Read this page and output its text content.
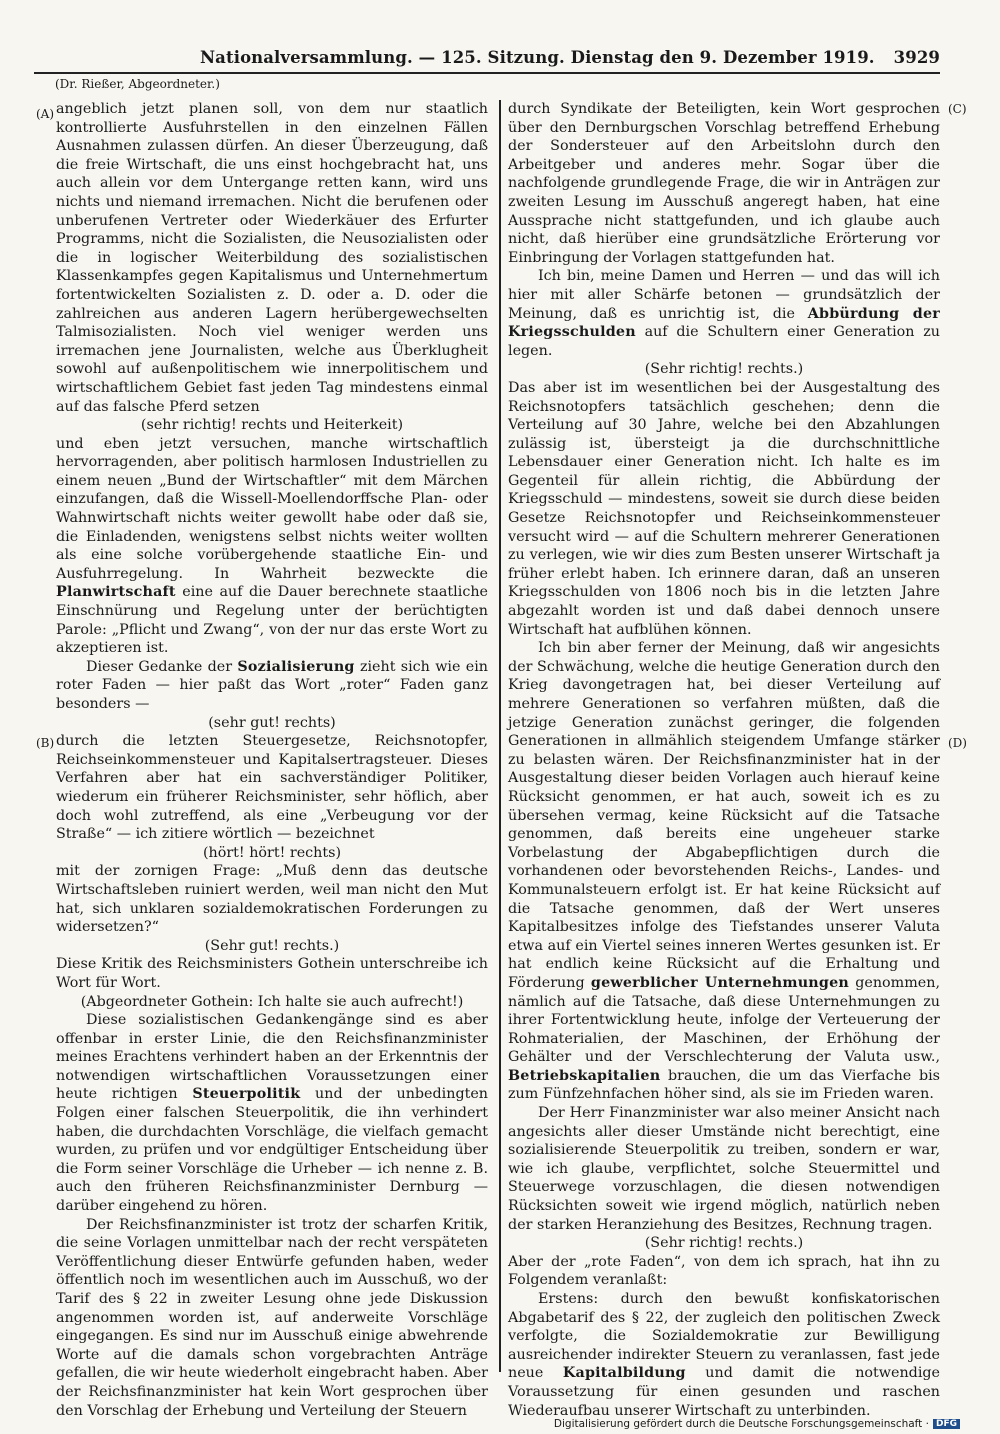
Nationalversammlung. — 125. Sitzung. Dienstag den 9. Dezember 1919. 3929
(Dr. Rießer, Abgeordneter.)
(A)
(B)
(C)
(D)

angeblich jetzt planen soll, von dem nur staatlich kontrollierte Ausfuhrstellen in den einzelnen Fällen Ausnahmen zulassen dürfen. An dieser Überzeugung, daß die freie Wirtschaft, die uns einst hochgebracht hat, uns auch allein vor dem Untergange retten kann, wird uns nichts und niemand irremachen. Nicht die berufenen oder unberufenen Vertreter oder Wiederkäuer des Erfurter Programms, nicht die Sozialisten, die Neusozialisten oder die in logischer Weiterbildung des sozialistischen Klassenkampfes gegen Kapitalismus und Unternehmertum fortentwickelten Sozialisten z. D. oder a. D. oder die zahlreichen aus anderen Lagern herübergewechselten Talmisozialisten. Noch viel weniger werden uns irremachen jene Journalisten, welche aus Überklugheit sowohl auf außenpolitischem wie innerpolitischem und wirtschaftlichem Gebiet fast jeden Tag mindestens einmal auf das falsche Pferd setzen

(sehr richtig! rechts und Heiterkeit)

und eben jetzt versuchen, manche wirtschaftlich hervorragenden, aber politisch harmlosen Industriellen zu einem neuen „Bund der Wirtschaftler“ mit dem Märchen einzufangen, daß die Wissell-Moellendorffsche Plan- oder Wahnwirtschaft nichts weiter gewollt habe oder daß sie, die Einladenden, wenigstens selbst nichts weiter wollten als eine solche vorübergehende staatliche Ein- und Ausfuhrregelung. In Wahrheit bezweckte die Planwirtschaft eine auf die Dauer berechnete staatliche Einschnürung und Regelung unter der berüchtigten Parole: „Pflicht und Zwang“, von der nur das erste Wort zu akzeptieren ist.

Dieser Gedanke der Sozialisierung zieht sich wie ein roter Faden — hier paßt das Wort „roter“ Faden ganz besonders —

(sehr gut! rechts)

durch die letzten Steuergesetze, Reichsnotopfer, Reichseinkommensteuer und Kapitalsertragsteuer. Dieses Verfahren aber hat ein sachverständiger Politiker, wiederum ein früherer Reichsminister, sehr höflich, aber doch wohl zutreffend, als eine „Verbeugung vor der Straße“ — ich zitiere wörtlich — bezeichnet

(hört! hört! rechts)

mit der zornigen Frage: „Muß denn das deutsche Wirtschaftsleben ruiniert werden, weil man nicht den Mut hat, sich unklaren sozialdemokratischen Forderungen zu widersetzen?“

(Sehr gut! rechts.)

Diese Kritik des Reichsministers Gothein unterschreibe ich Wort für Wort.

(Abgeordneter Gothein: Ich halte sie auch aufrecht!)

Diese sozialistischen Gedankengänge sind es aber offenbar in erster Linie, die den Reichsfinanzminister meines Erachtens verhindert haben an der Erkenntnis der notwendigen wirtschaftlichen Voraussetzungen einer heute richtigen Steuerpolitik und der unbedingten Folgen einer falschen Steuerpolitik, die ihn verhindert haben, die durchdachten Vorschläge, die vielfach gemacht wurden, zu prüfen und vor endgültiger Entscheidung über die Form seiner Vorschläge die Urheber — ich nenne z. B. auch den früheren Reichsfinanzminister Dernburg — darüber eingehend zu hören.

Der Reichsfinanzminister ist trotz der scharfen Kritik, die seine Vorlagen unmittelbar nach der recht verspäteten Veröffentlichung dieser Entwürfe gefunden haben, weder öffentlich noch im wesentlichen auch im Ausschuß, wo der Tarif des § 22 in zweiter Lesung ohne jede Diskussion angenommen worden ist, auf anderweite Vorschläge eingegangen. Es sind nur im Ausschuß einige abwehrende Worte auf die damals schon vorgebrachten Anträge gefallen, die wir heute wiederholt eingebracht haben. Aber der Reichsfinanzminister hat kein Wort gesprochen über den Vorschlag der Erhebung und Verteilung der Steuern

durch Syndikate der Beteiligten, kein Wort gesprochen über den Dernburgschen Vorschlag betreffend Erhebung der Sondersteuer auf den Arbeitslohn durch den Arbeitgeber und anderes mehr. Sogar über die nachfolgende grundlegende Frage, die wir in Anträgen zur zweiten Lesung im Ausschuß angeregt haben, hat eine Aussprache nicht stattgefunden, und ich glaube auch nicht, daß hierüber eine grundsätzliche Erörterung vor Einbringung der Vorlagen stattgefunden hat.

Ich bin, meine Damen und Herren — und das will ich hier mit aller Schärfe betonen — grundsätzlich der Meinung, daß es unrichtig ist, die Abbürdung der Kriegsschulden auf die Schultern einer Generation zu legen.

(Sehr richtig! rechts.)

Das aber ist im wesentlichen bei der Ausgestaltung des Reichsnotopfers tatsächlich geschehen; denn die Verteilung auf 30 Jahre, welche bei den Abzahlungen zulässig ist, übersteigt ja die durchschnittliche Lebensdauer einer Generation nicht. Ich halte es im Gegenteil für allein richtig, die Abbürdung der Kriegsschuld — mindestens, soweit sie durch diese beiden Gesetze Reichsnotopfer und Reichseinkommensteuer versucht wird — auf die Schultern mehrerer Generationen zu verlegen, wie wir dies zum Besten unserer Wirtschaft ja früher erlebt haben. Ich erinnere daran, daß an unseren Kriegsschulden von 1806 noch bis in die letzten Jahre abgezahlt worden ist und daß dabei dennoch unsere Wirtschaft hat aufblühen können.

Ich bin aber ferner der Meinung, daß wir angesichts der Schwächung, welche die heutige Generation durch den Krieg davongetragen hat, bei dieser Verteilung auf mehrere Generationen so verfahren müßten, daß die jetzige Generation zunächst geringer, die folgenden Generationen in allmählich steigendem Umfange stärker zu belasten wären. Der Reichsfinanzminister hat in der Ausgestaltung dieser beiden Vorlagen auch hierauf keine Rücksicht genommen, er hat auch, soweit ich es zu übersehen vermag, keine Rücksicht auf die Tatsache genommen, daß bereits eine ungeheuer starke Vorbelastung der Abgabepflichtigen durch die vorhandenen oder bevorstehenden Reichs-, Landes- und Kommunalsteuern erfolgt ist. Er hat keine Rücksicht auf die Tatsache genommen, daß der Wert unseres Kapitalbesitzes infolge des Tiefstandes unserer Valuta etwa auf ein Viertel seines inneren Wertes gesunken ist. Er hat endlich keine Rücksicht auf die Erhaltung und Förderung gewerblicher Unternehmungen genommen, nämlich auf die Tatsache, daß diese Unternehmungen zu ihrer Fortentwicklung heute, infolge der Verteuerung der Rohmaterialien, der Maschinen, der Erhöhung der Gehälter und der Verschlechterung der Valuta usw., Betriebskapitalien brauchen, die um das Vierfache bis zum Fünfzehnfachen höher sind, als sie im Frieden waren.

Der Herr Finanzminister war also meiner Ansicht nach angesichts aller dieser Umstände nicht berechtigt, eine sozialisierende Steuerpolitik zu treiben, sondern er war, wie ich glaube, verpflichtet, solche Steuermittel und Steuerwege vorzuschlagen, die diesen notwendigen Rücksichten soweit wie irgend möglich, natürlich neben der starken Heranziehung des Besitzes, Rechnung tragen.

(Sehr richtig! rechts.)

Aber der „rote Faden“, von dem ich sprach, hat ihn zu Folgendem veranlaßt:

Erstens: durch den bewußt konfiskatorischen Abgabetarif des § 22, der zugleich den politischen Zweck verfolgte, die Sozialdemokratie zur Bewilligung ausreichender indirekter Steuern zu veranlassen, fast jede neue Kapitalbildung und damit die notwendige Voraussetzung für einen gesunden und raschen Wiederaufbau unserer Wirtschaft zu unterbinden.

Digitalisierung gefördert durch die Deutsche Forschungsgemeinschaft · DFG
